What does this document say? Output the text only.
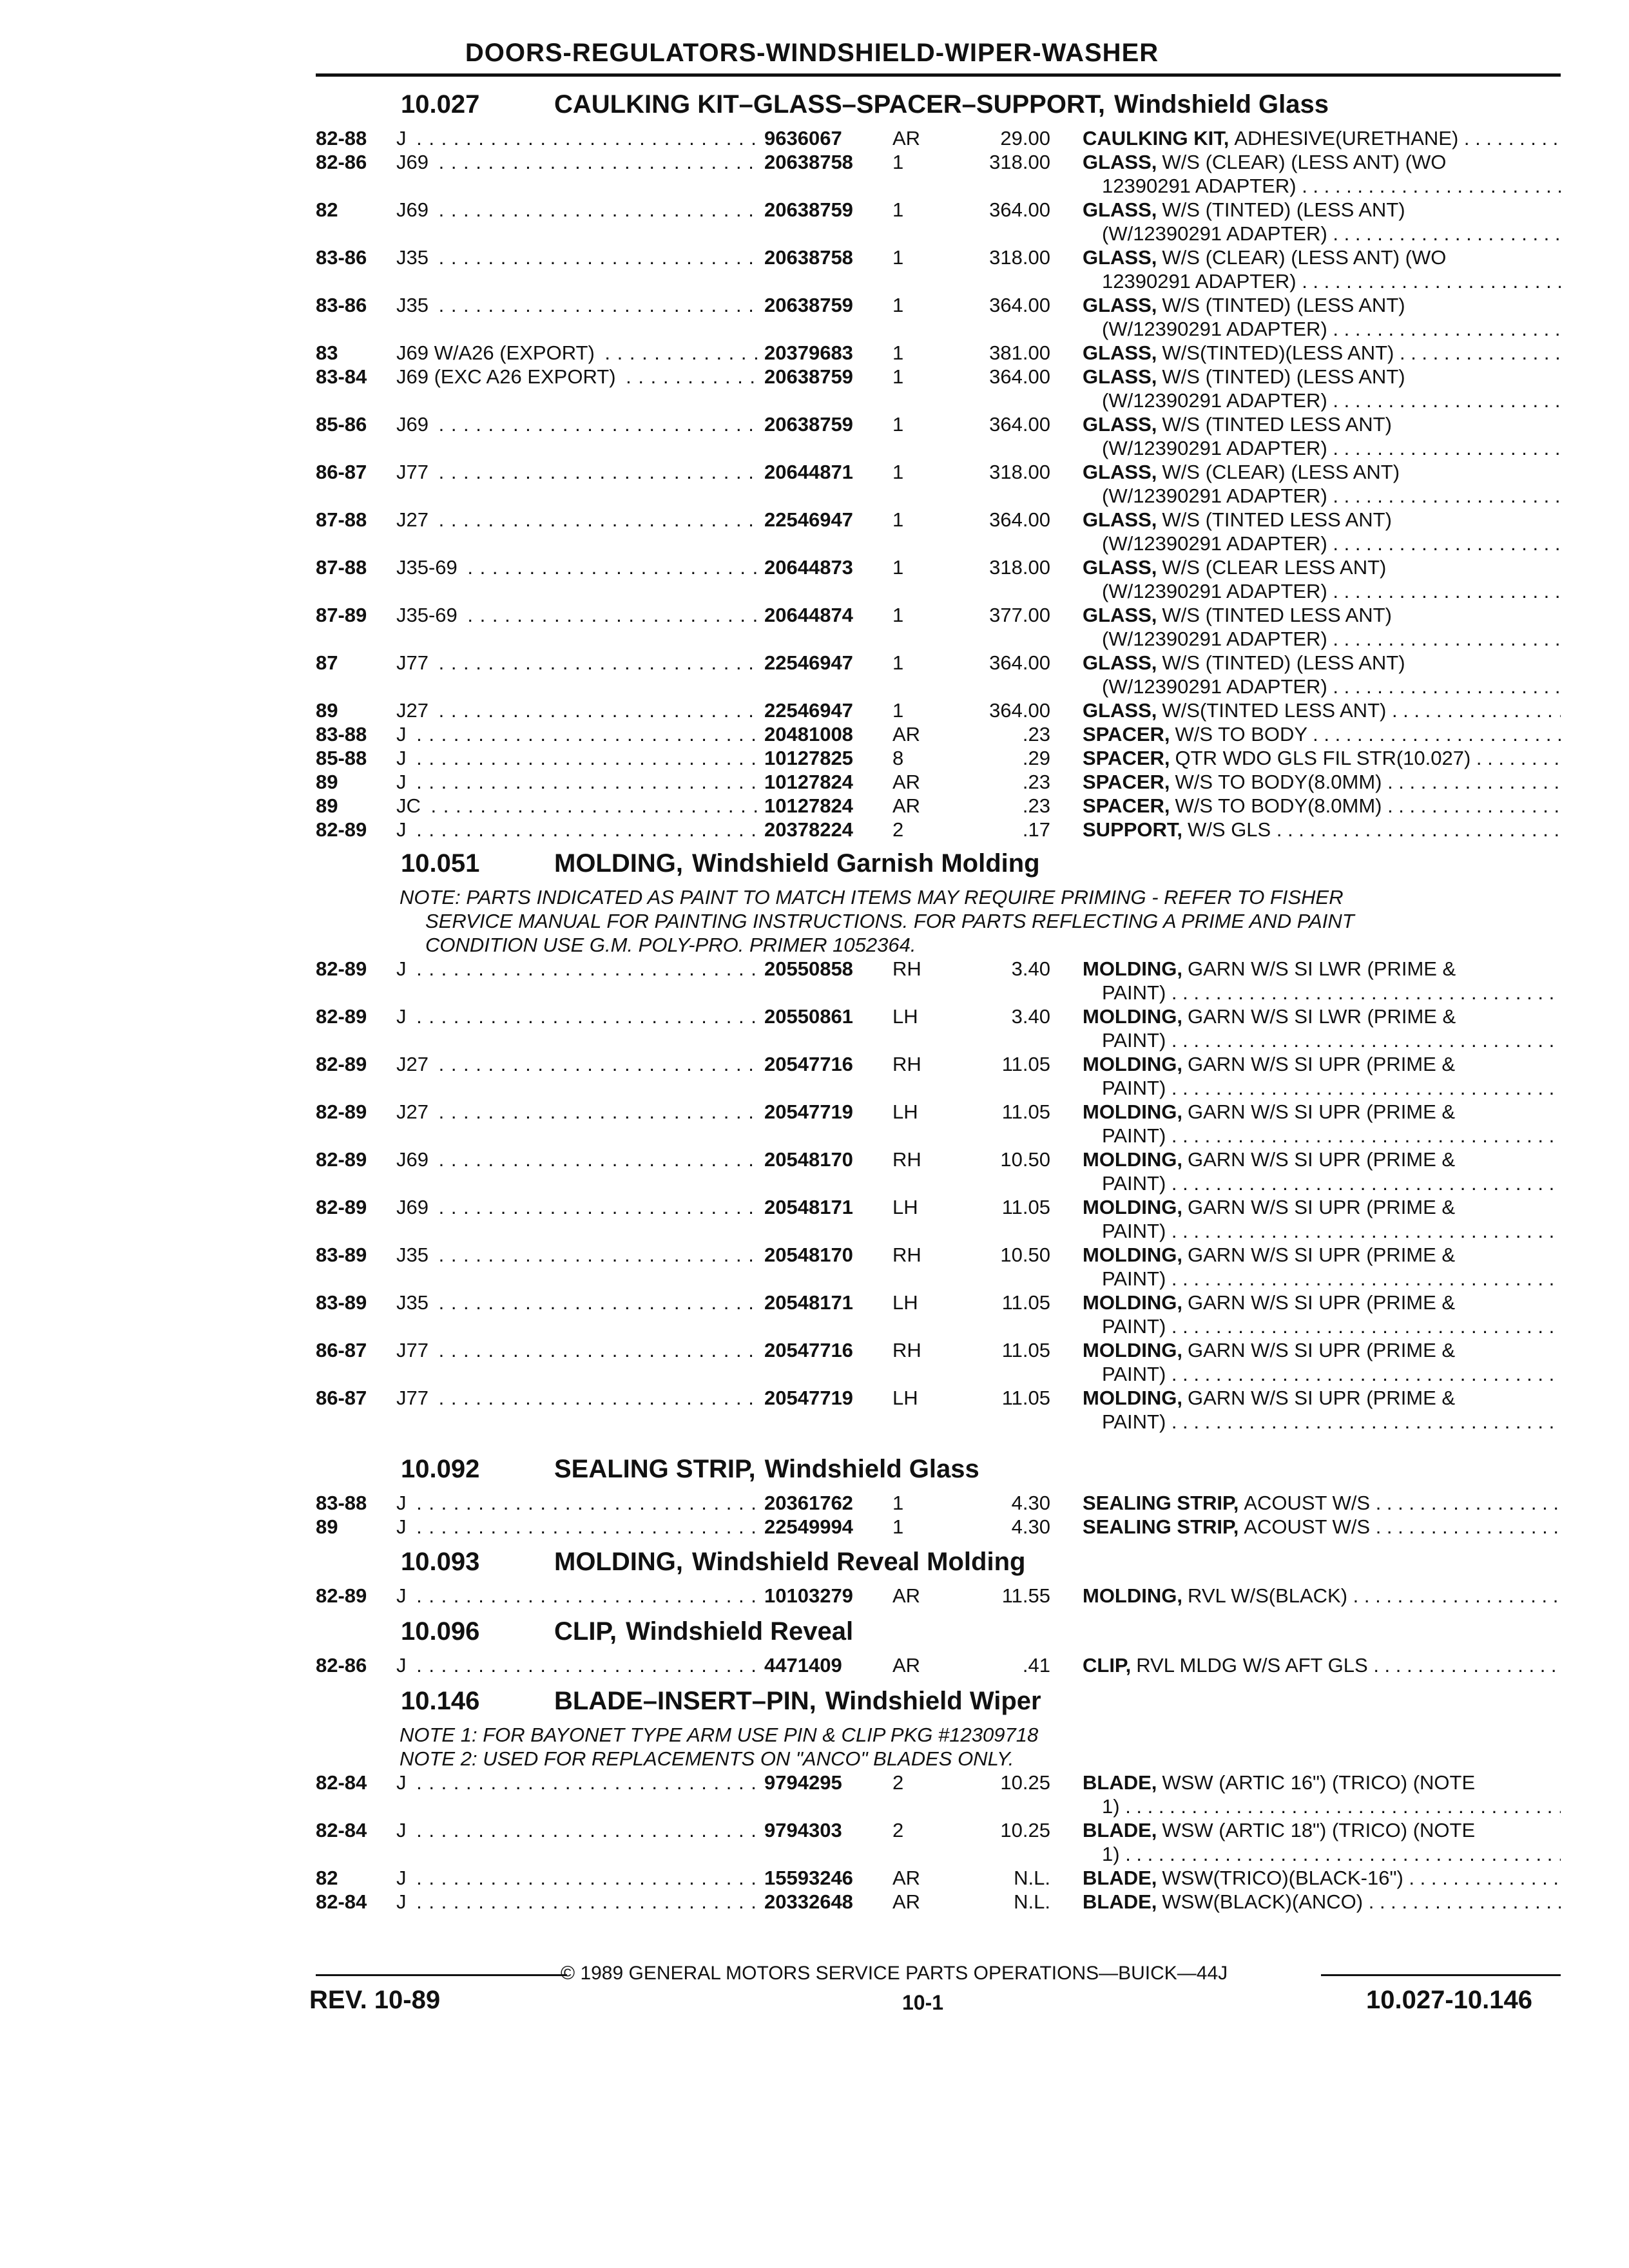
DOORS-REGULATORS-WINDSHIELD-WIPER-WASHER
10.027	CAULKING KIT–GLASS–SPACER–SUPPORT, Windshield Glass
82-88	J . . .	9636067	AR	29.00 CAULKING KIT, ADHESIVE(URETHANE) . . .
82-86	J69 . . .	20638758	1	318.00 GLASS, W/S (CLEAR) (LESS ANT) (WO
12390291 ADAPTER) . . .
82	J69 . . .	20638759	1	364.00 GLASS, W/S (TINTED) (LESS ANT)
(W/12390291 ADAPTER) . . .
83-86	J35 . . .	20638758	1	318.00 GLASS, W/S (CLEAR) (LESS ANT) (WO
12390291 ADAPTER) . . .
83-86	J35 . . .	20638759	1	364.00 GLASS, W/S (TINTED) (LESS ANT)
(W/12390291 ADAPTER) . . .
83	J69 W/A26 (EXPORT) . . .	20379683	1	381.00 GLASS, W/S(TINTED)(LESS ANT) . . .
83-84	J69 (EXC A26 EXPORT) . . .	20638759	1	364.00 GLASS, W/S (TINTED) (LESS ANT)
(W/12390291 ADAPTER) . . .
85-86	J69 . . .	20638759	1	364.00 GLASS, W/S (TINTED LESS ANT)
(W/12390291 ADAPTER) . . .
86-87	J77 . . .	20644871	1	318.00 GLASS, W/S (CLEAR) (LESS ANT)
(W/12390291 ADAPTER) . . .
87-88	J27 . . .	22546947	1	364.00 GLASS, W/S (TINTED LESS ANT)
(W/12390291 ADAPTER) . . .
87-88	J35-69 . . .	20644873	1	318.00 GLASS, W/S (CLEAR LESS ANT)
(W/12390291 ADAPTER) . . .
87-89	J35-69 . . .	20644874	1	377.00 GLASS, W/S (TINTED LESS ANT)
(W/12390291 ADAPTER) . . .
87	J77 . . .	22546947	1	364.00 GLASS, W/S (TINTED) (LESS ANT)
(W/12390291 ADAPTER) . . .
89	J27 . . .	22546947	1	364.00 GLASS, W/S(TINTED LESS ANT) . . .
83-88	J . . .	20481008	AR	.23 SPACER, W/S TO BODY . . .
85-88	J . . .	10127825	8	.29 SPACER, QTR WDO GLS FIL STR(10.027) . . .
89	J . . .	10127824	AR	.23 SPACER, W/S TO BODY(8.0MM) . . .
89	JC . . .	10127824	AR	.23 SPACER, W/S TO BODY(8.0MM) . . .
82-89	J . . .	20378224	2	.17 SUPPORT, W/S GLS . . .
10.051	MOLDING, Windshield Garnish Molding
NOTE: PARTS INDICATED AS PAINT TO MATCH ITEMS MAY REQUIRE PRIMING - REFER TO FISHER
SERVICE MANUAL FOR PAINTING INSTRUCTIONS. FOR PARTS REFLECTING A PRIME AND PAINT
CONDITION USE G.M. POLY-PRO. PRIMER 1052364.
82-89	J . . .	20550858	RH	3.40 MOLDING, GARN W/S SI LWR (PRIME &
PAINT) . . .
82-89	J . . .	20550861	LH	3.40 MOLDING, GARN W/S SI LWR (PRIME &
PAINT) . . .
82-89	J27 . . .	20547716	RH	11.05 MOLDING, GARN W/S SI UPR (PRIME &
PAINT) . . .
82-89	J27 . . .	20547719	LH	11.05 MOLDING, GARN W/S SI UPR (PRIME &
PAINT) . . .
82-89	J69 . . .	20548170	RH	10.50 MOLDING, GARN W/S SI UPR (PRIME &
PAINT) . . .
82-89	J69 . . .	20548171	LH	11.05 MOLDING, GARN W/S SI UPR (PRIME &
PAINT) . . .
83-89	J35 . . .	20548170	RH	10.50 MOLDING, GARN W/S SI UPR (PRIME &
PAINT) . . .
83-89	J35 . . .	20548171	LH	11.05 MOLDING, GARN W/S SI UPR (PRIME &
PAINT) . . .
86-87	J77 . . .	20547716	RH	11.05 MOLDING, GARN W/S SI UPR (PRIME &
PAINT) . . .
86-87	J77 . . .	20547719	LH	11.05 MOLDING, GARN W/S SI UPR (PRIME &
PAINT) . . .
10.092	SEALING STRIP, Windshield Glass
83-88	J . . .	20361762	1	4.30 SEALING STRIP, ACOUST W/S . . .
89	J . . .	22549994	1	4.30 SEALING STRIP, ACOUST W/S . . .
10.093	MOLDING, Windshield Reveal Molding
82-89	J . . .	10103279	AR	11.55 MOLDING, RVL W/S(BLACK) . . .
10.096	CLIP, Windshield Reveal
82-86	J . . .	4471409	AR	.41 CLIP, RVL MLDG W/S AFT GLS . . .
10.146	BLADE–INSERT–PIN, Windshield Wiper
NOTE 1: FOR BAYONET TYPE ARM USE PIN & CLIP PKG #12309718
NOTE 2: USED FOR REPLACEMENTS ON "ANCO" BLADES ONLY.
82-84	J . . .	9794295	2	10.25 BLADE, WSW (ARTIC 16") (TRICO) (NOTE
1) . . .
82-84	J . . .	9794303	2	10.25 BLADE, WSW (ARTIC 18") (TRICO) (NOTE
1) . . .
82	J . . .	15593246	AR	N.L. BLADE, WSW(TRICO)(BLACK-16") . . .
82-84	J . . .	20332648	AR	N.L. BLADE, WSW(BLACK)(ANCO) . . .
© 1989 GENERAL MOTORS SERVICE PARTS OPERATIONS—BUICK—44J
REV. 10-89	10-1	10.027-10.146
